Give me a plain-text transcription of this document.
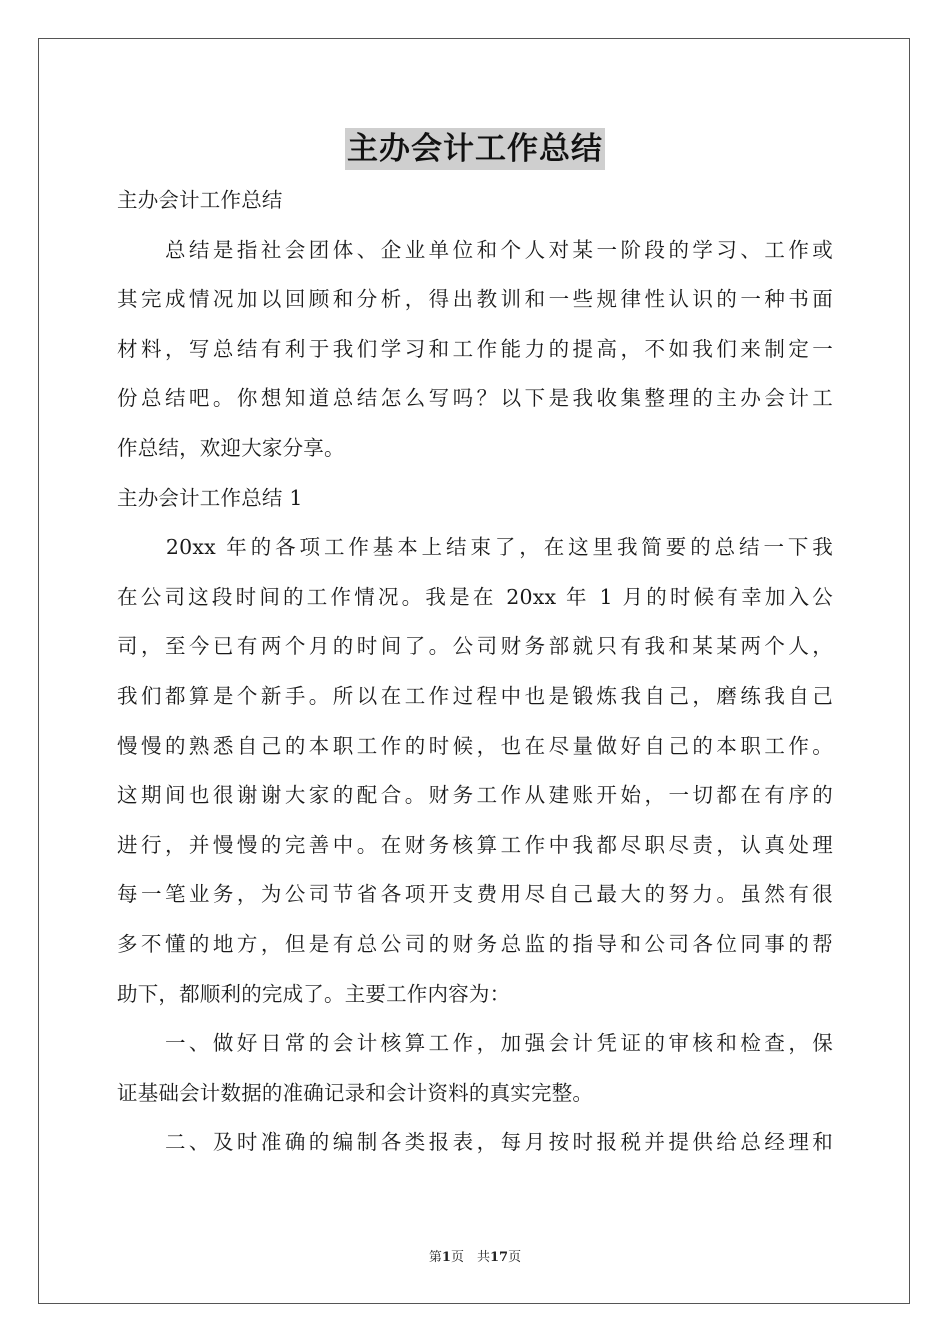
主办会计工作总结
主办会计工作总结
　　总结是指社会团体、企业单位和个人对某一阶段的学习、工作或
其完成情况加以回顾和分析，得出教训和一些规律性认识的一种书面
材料，写总结有利于我们学习和工作能力的提高，不如我们来制定一
份总结吧。你想知道总结怎么写吗？以下是我收集整理的主办会计工
作总结，欢迎大家分享。
主办会计工作总结 1
　　20xx 年的各项工作基本上结束了，在这里我简要的总结一下我
在公司这段时间的工作情况。我是在 20xx 年 1 月的时候有幸加入公
司，至今已有两个月的时间了。公司财务部就只有我和某某两个人，
我们都算是个新手。所以在工作过程中也是锻炼我自己，磨练我自己
慢慢的熟悉自己的本职工作的时候，也在尽量做好自己的本职工作。
这期间也很谢谢大家的配合。财务工作从建账开始，一切都在有序的
进行，并慢慢的完善中。在财务核算工作中我都尽职尽责，认真处理
每一笔业务，为公司节省各项开支费用尽自己最大的努力。虽然有很
多不懂的地方，但是有总公司的财务总监的指导和公司各位同事的帮
助下，都顺利的完成了。主要工作内容为：
　　一、做好日常的会计核算工作，加强会计凭证的审核和检查，保
证基础会计数据的准确记录和会计资料的真实完整。
　　二、及时准确的编制各类报表，每月按时报税并提供给总经理和
第1页　共17页
